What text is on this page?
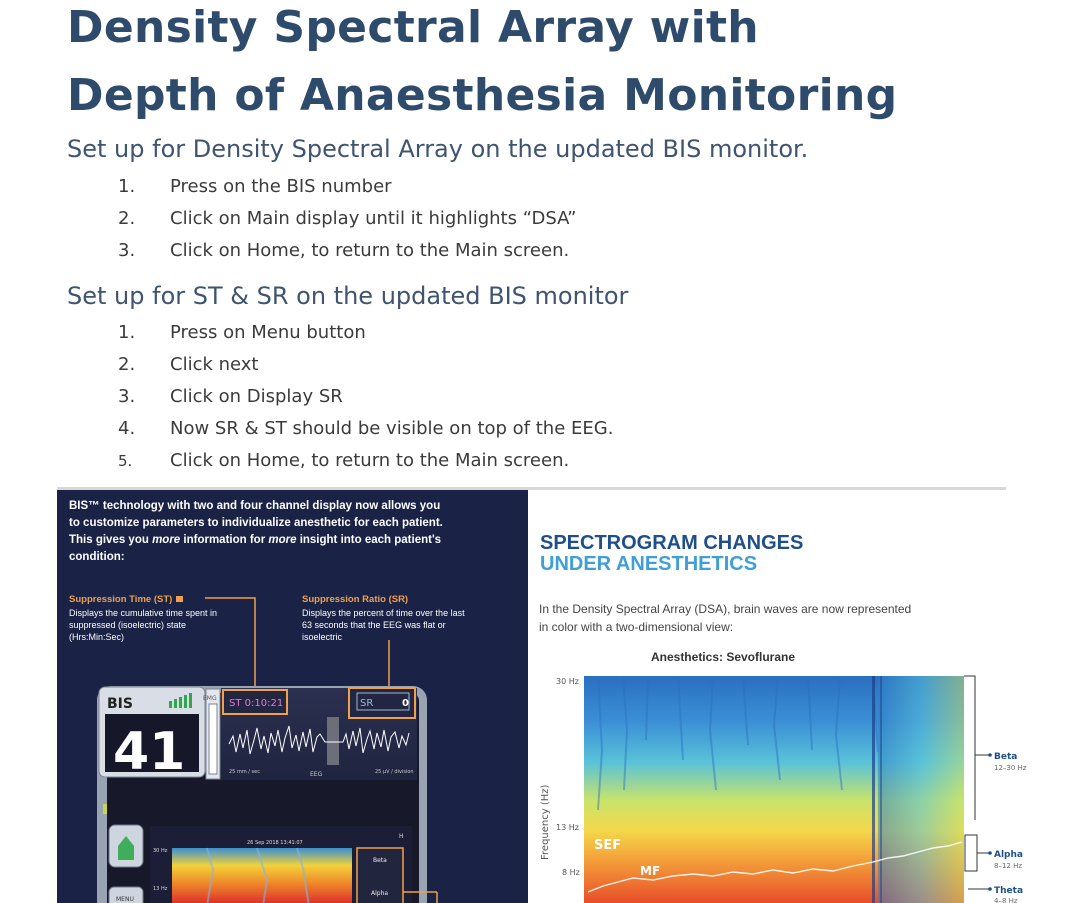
Density Spectral Array with
Depth of Anaesthesia Monitoring
Set up for Density Spectral Array on the updated BIS monitor.
1. Press on the BIS number
2. Click on Main display until it highlights “DSA”
3. Click on Home, to return to the Main screen.
Set up for ST & SR on the updated BIS monitor
1. Press on Menu button
2. Click next
3. Click on Display SR
4. Now SR & ST should be visible on top of the EEG.
5. Click on Home, to return to the Main screen.
BIS™ technology with two and four channel display now allows you to customize parameters to individualize anesthetic for each patient. This gives you more information for more insight into each patient's condition:
Suppression Time (ST)
Displays the cumulative time spent in suppressed (isoelectric) state (Hrs:Min:Sec)
Suppression Ratio (SR)
Displays the percent of time over the last 63 seconds that the EEG was flat or isoelectric
BIS
41
EMG ST 0:10:21	SR	0
25 mm / sec	EEG	25 µV / division
MENU
26 Sep 2018 13:41:07
30 Hz
13 Hz
H
Beta
Alpha
SPECTROGRAM CHANGES
UNDER ANESTHETICS
In the Density Spectral Array (DSA), brain waves are now represented in color with a two-dimensional view:
Anesthetics: Sevoflurane
Frequency (Hz)
30 Hz
13 Hz
8 Hz
SEF
MF
Beta
12–30 Hz
Alpha
8–12 Hz
Theta
4–8 Hz
